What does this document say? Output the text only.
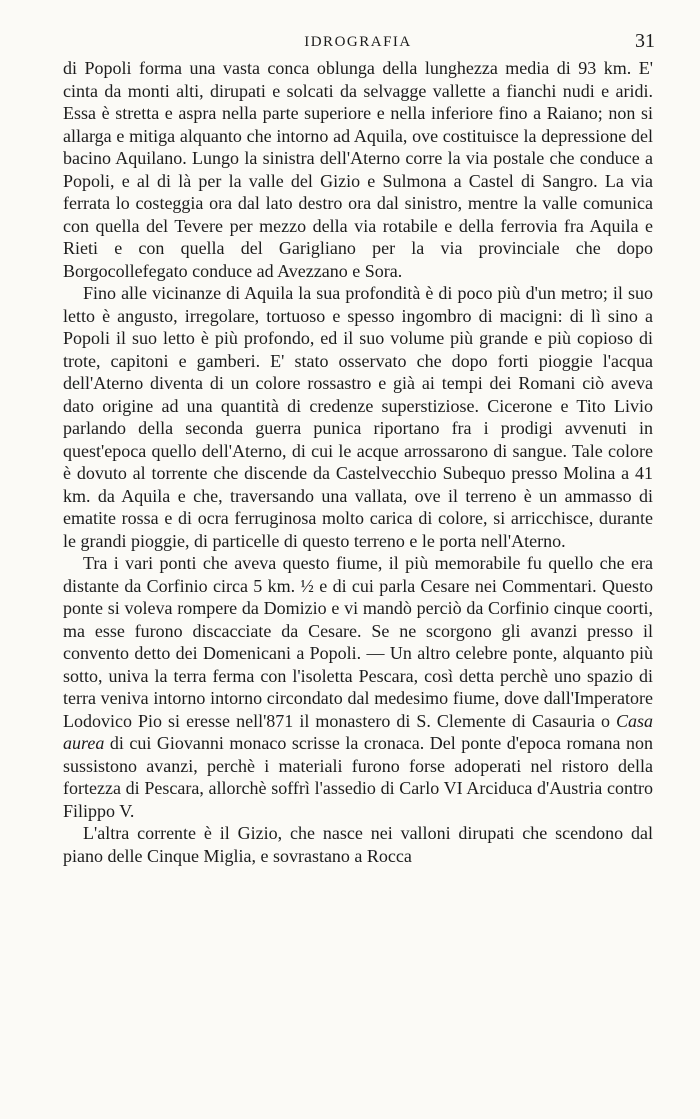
IDROGRAFIA	31

di Popoli forma una vasta conca oblunga della lunghezza media di 93 km. E' cinta da monti alti, dirupati e solcati da selvagge vallette a fianchi nudi e aridi. Essa è stretta e aspra nella parte superiore e nella inferiore fino a Raiano; non si allarga e mitiga alquanto che intorno ad Aquila, ove costituisce la depressione del bacino Aquilano. Lungo la sinistra dell'Aterno corre la via postale che conduce a Popoli, e al di là per la valle del Gizio e Sulmona a Castel di Sangro. La via ferrata lo costeggia ora dal lato destro ora dal sinistro, mentre la valle comunica con quella del Tevere per mezzo della via rotabile e della ferrovia fra Aquila e Rieti e con quella del Garigliano per la via provinciale che dopo Borgocollefegato conduce ad Avezzano e Sora.

Fino alle vicinanze di Aquila la sua profondità è di poco più d'un metro; il suo letto è angusto, irregolare, tortuoso e spesso ingombro di macigni: di lì sino a Popoli il suo letto è più profondo, ed il suo volume più grande e più copioso di trote, capitoni e gamberi. E' stato osservato che dopo forti pioggie l'acqua dell'Aterno diventa di un colore rossastro e già ai tempi dei Romani ciò aveva dato origine ad una quantità di credenze superstiziose. Cicerone e Tito Livio parlando della seconda guerra punica riportano fra i prodigi avvenuti in quest'epoca quello dell'Aterno, di cui le acque arrossarono di sangue. Tale colore è dovuto al torrente che discende da Castelvecchio Subequo presso Molina a 41 km. da Aquila e che, traversando una vallata, ove il terreno è un ammasso di ematite rossa e di ocra ferruginosa molto carica di colore, si arricchisce, durante le grandi pioggie, di particelle di questo terreno e le porta nell'Aterno.

Tra i vari ponti che aveva questo fiume, il più memorabile fu quello che era distante da Corfinio circa 5 km. ½ e di cui parla Cesare nei Commentari. Questo ponte si voleva rompere da Domizio e vi mandò perciò da Corfinio cinque coorti, ma esse furono discacciate da Cesare. Se ne scorgono gli avanzi presso il convento detto dei Domenicani a Popoli. — Un altro celebre ponte, alquanto più sotto, univa la terra ferma con l'isoletta Pescara, così detta perchè uno spazio di terra veniva intorno intorno circondato dal medesimo fiume, dove dall'Imperatore Lodovico Pio si eresse nell'871 il monastero di S. Clemente di Casauria o Casa aurea di cui Giovanni monaco scrisse la cronaca. Del ponte d'epoca romana non sussistono avanzi, perchè i materiali furono forse adoperati nel ristoro della fortezza di Pescara, allorchè soffrì l'assedio di Carlo VI Arciduca d'Austria contro Filippo V.

L'altra corrente è il Gizio, che nasce nei valloni dirupati che scendono dal piano delle Cinque Miglia, e sovrastano a Rocca
